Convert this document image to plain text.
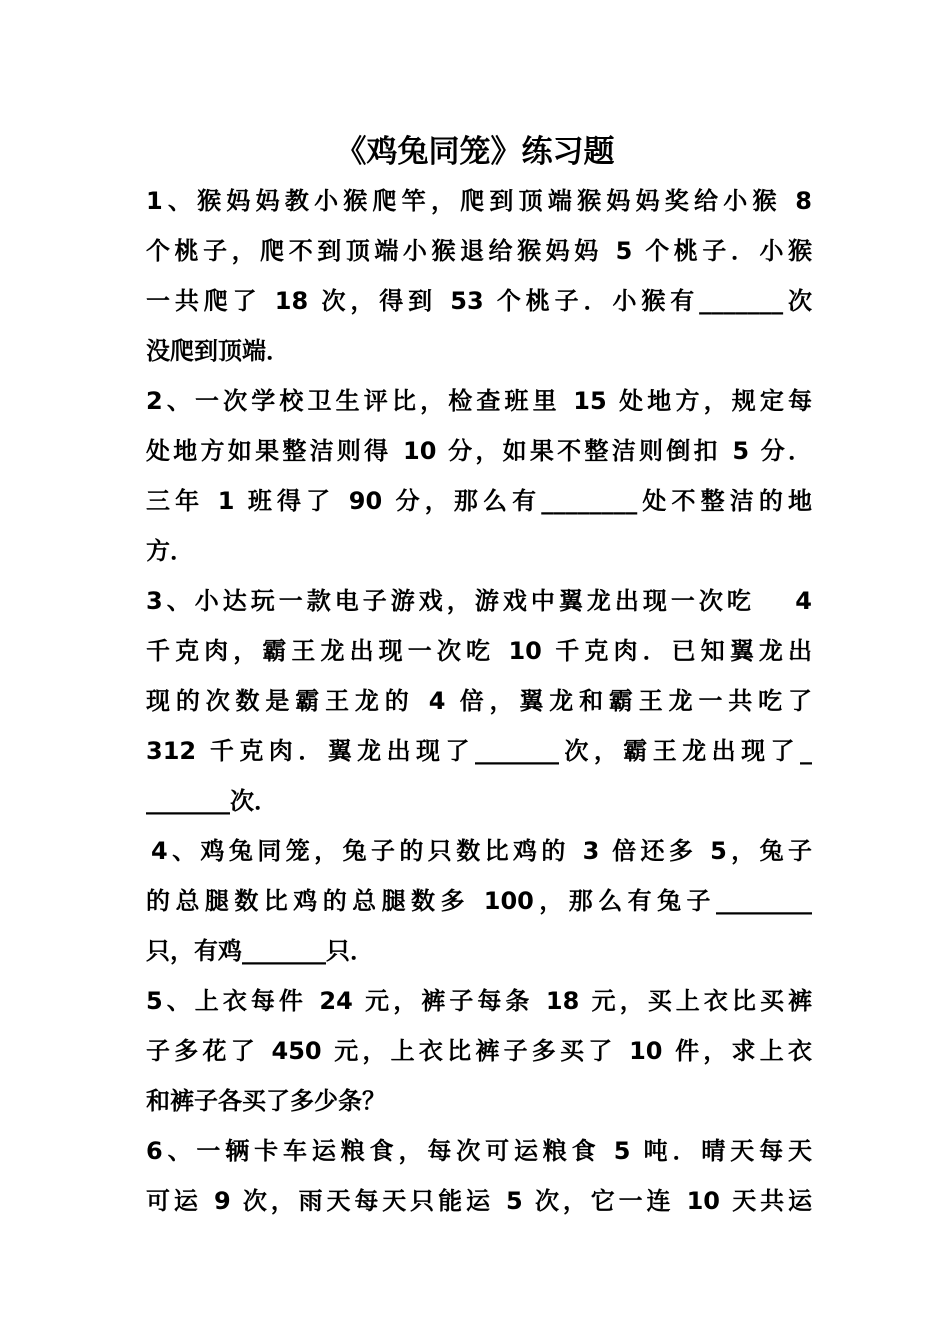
《鸡兔同笼》练习题
1、猴妈妈教小猴爬竿，爬到顶端猴妈妈奖给小猴 8
个桃子，爬不到顶端小猴退给猴妈妈 5 个桃子．小猴
一共爬了 18 次，得到 53 个桃子．小猴有_______次
没爬到顶端．
2、一次学校卫生评比，检查班里 15 处地方，规定每
处地方如果整洁则得 10 分，如果不整洁则倒扣 5 分．
三年 1 班得了 90 分，那么有________处不整洁的地
方．
3、小达玩一款电子游戏，游戏中翼龙出现一次吃　 4
千克肉，霸王龙出现一次吃 10 千克肉．已知翼龙出
现的次数是霸王龙的 4 倍，翼龙和霸王龙一共吃了
312 千克肉．翼龙出现了_______次，霸王龙出现了_
_______次．
4、鸡兔同笼，兔子的只数比鸡的 3 倍还多 5，兔子
的总腿数比鸡的总腿数多 100，那么有兔子________
只，有鸡_______只．
5、上衣每件 24 元，裤子每条 18 元，买上衣比买裤
子多花了 450 元，上衣比裤子多买了 10 件，求上衣
和裤子各买了多少条？
6、一辆卡车运粮食，每次可运粮食 5 吨．晴天每天
可运 9 次，雨天每天只能运 5 次，它一连 10 天共运
